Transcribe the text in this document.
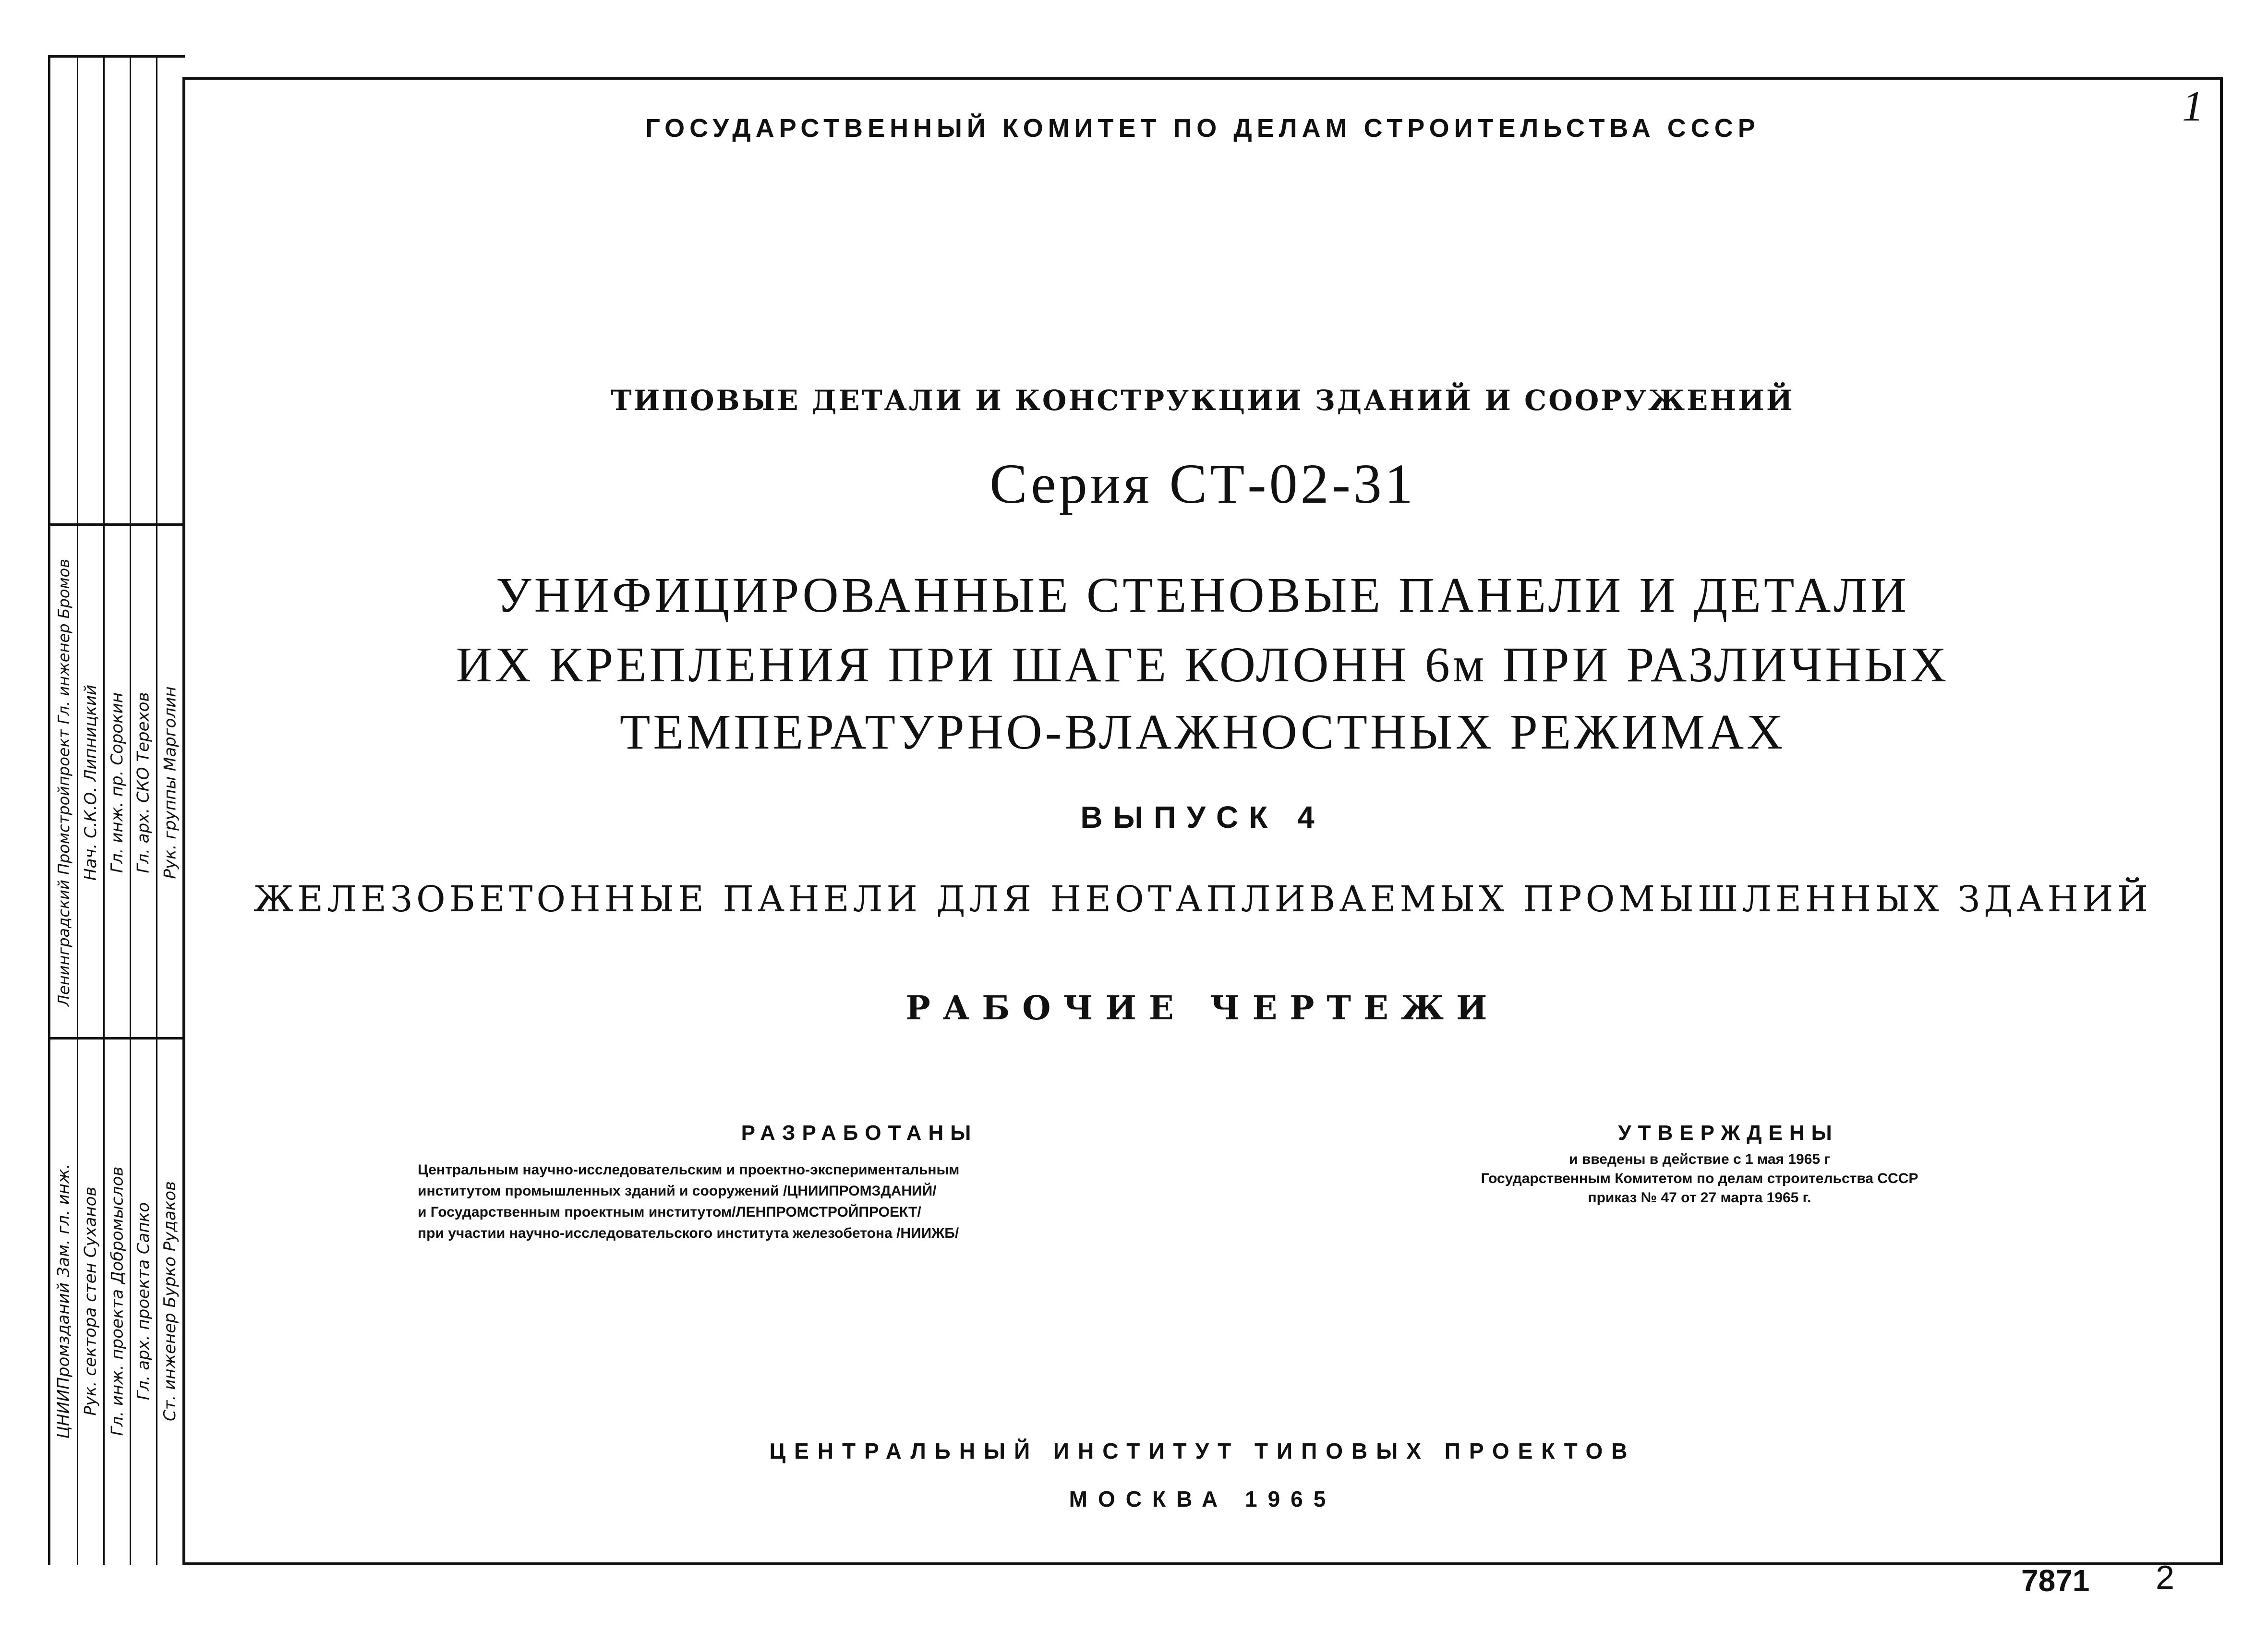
ЦНИИПромзданий Зам. гл. инж. Рук. сектора стен Суханов Гл. инж. проекта Добромыслов Гл. арх. проекта Сапко Ст. инженер Бурко Рудаков
Ленинградский Промстройпроект Гл. инженер Бромов Нач. С.К.О. Липницкий Гл. инж. пр. Сорокин Гл. арх. СКО Терехов Рук. группы Марголин
1
ГОСУДАРСТВЕННЫЙ КОМИТЕТ ПО ДЕЛАМ СТРОИТЕЛЬСТВА СССР
ТИПОВЫЕ ДЕТАЛИ И КОНСТРУКЦИИ ЗДАНИЙ И СООРУЖЕНИЙ
Серия СТ-02-31
УНИФИЦИРОВАННЫЕ СТЕНОВЫЕ ПАНЕЛИ И ДЕТАЛИ
ИХ КРЕПЛЕНИЯ ПРИ ШАГЕ КОЛОНН 6м ПРИ РАЗЛИЧНЫХ
ТЕМПЕРАТУРНО-ВЛАЖНОСТНЫХ РЕЖИМАХ
ВЫПУСК 4
ЖЕЛЕЗОБЕТОННЫЕ ПАНЕЛИ ДЛЯ НЕОТАПЛИВАЕМЫХ ПРОМЫШЛЕННЫХ ЗДАНИЙ
РАБОЧИЕ ЧЕРТЕЖИ
РАЗРАБОТАНЫ
Центральным научно-исследовательским и проектно-экспериментальным
институтом промышленных зданий и сооружений /ЦНИИПРОМЗДАНИЙ/
и Государственным проектным институтом/ЛЕНПРОМСТРОЙПРОЕКТ/
при участии научно-исследовательского института железобетона /НИИЖБ/
УТВЕРЖДЕНЫ
и введены в действие с 1 мая 1965 г
Государственным Комитетом по делам строительства СССР
приказ № 47 от 27 марта 1965 г.
ЦЕНТРАЛЬНЫЙ ИНСТИТУТ ТИПОВЫХ ПРОЕКТОВ
МОСКВА 1965
7871 2
